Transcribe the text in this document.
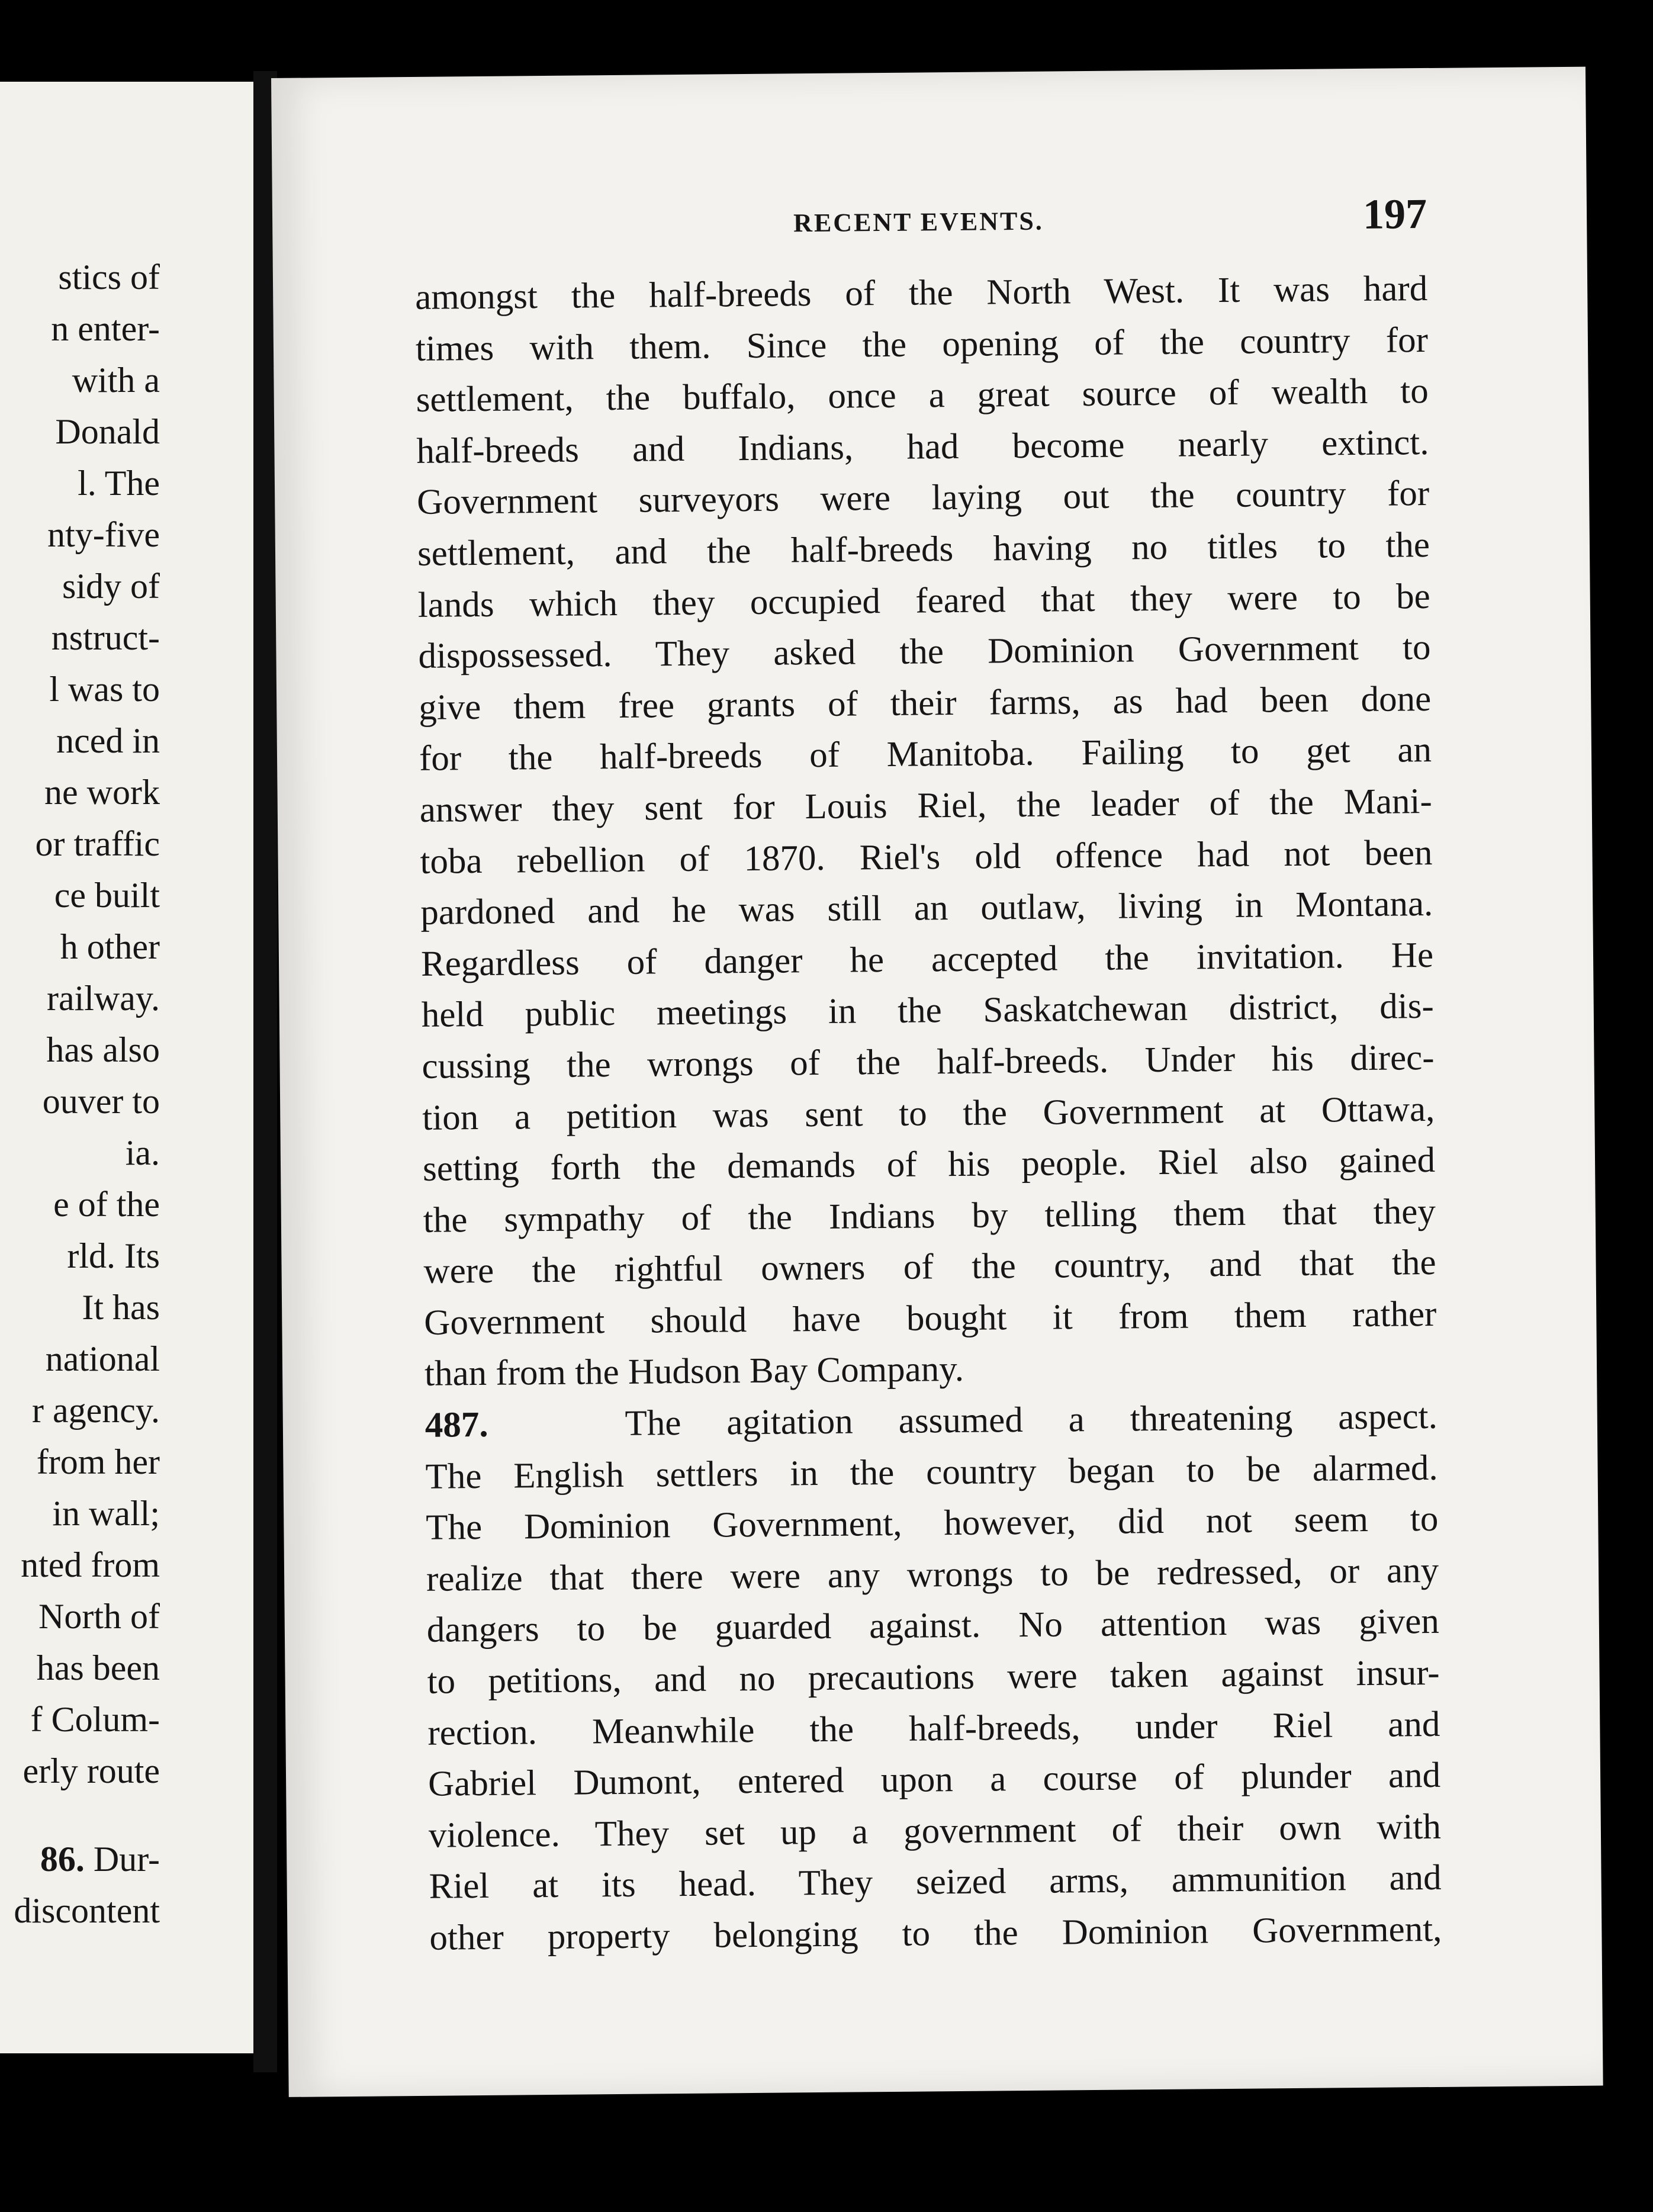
stics of
n enter-
with a
Donald
l. The
nty-five
sidy of
nstruct-
l was to
nced in
ne work
or traffic
ce built
h other
railway.
has also
ouver to
ia.
e of the
rld. Its
It has
national
r agency.
from her
in wall;
nted from
North of
has been
f Colum-
erly route
86. Dur-
discontent
RECENT EVENTS.	197
amongst the half-breeds of the North West. It was hard
times with them. Since the opening of the country for
settlement, the buffalo, once a great source of wealth to
half-breeds and Indians, had become nearly extinct.
Government surveyors were laying out the country for
settlement, and the half-breeds having no titles to the
lands which they occupied feared that they were to be
dispossessed. They asked the Dominion Government to
give them free grants of their farms, as had been done
for the half-breeds of Manitoba. Failing to get an
answer they sent for Louis Riel, the leader of the Mani-
toba rebellion of 1870. Riel's old offence had not been
pardoned and he was still an outlaw, living in Montana.
Regardless of danger he accepted the invitation. He
held public meetings in the Saskatchewan district, dis-
cussing the wrongs of the half-breeds. Under his direc-
tion a petition was sent to the Government at Ottawa,
setting forth the demands of his people. Riel also gained
the sympathy of the Indians by telling them that they
were the rightful owners of the country, and that the
Government should have bought it from them rather
than from the Hudson Bay Company.
487.	The agitation assumed a threatening aspect.
The English settlers in the country began to be alarmed.
The Dominion Government, however, did not seem to
realize that there were any wrongs to be redressed, or any
dangers to be guarded against. No attention was given
to petitions, and no precautions were taken against insur-
rection. Meanwhile the half-breeds, under Riel and
Gabriel Dumont, entered upon a course of plunder and
violence. They set up a government of their own with
Riel at its head. They seized arms, ammunition and
other property belonging to the Dominion Government,
